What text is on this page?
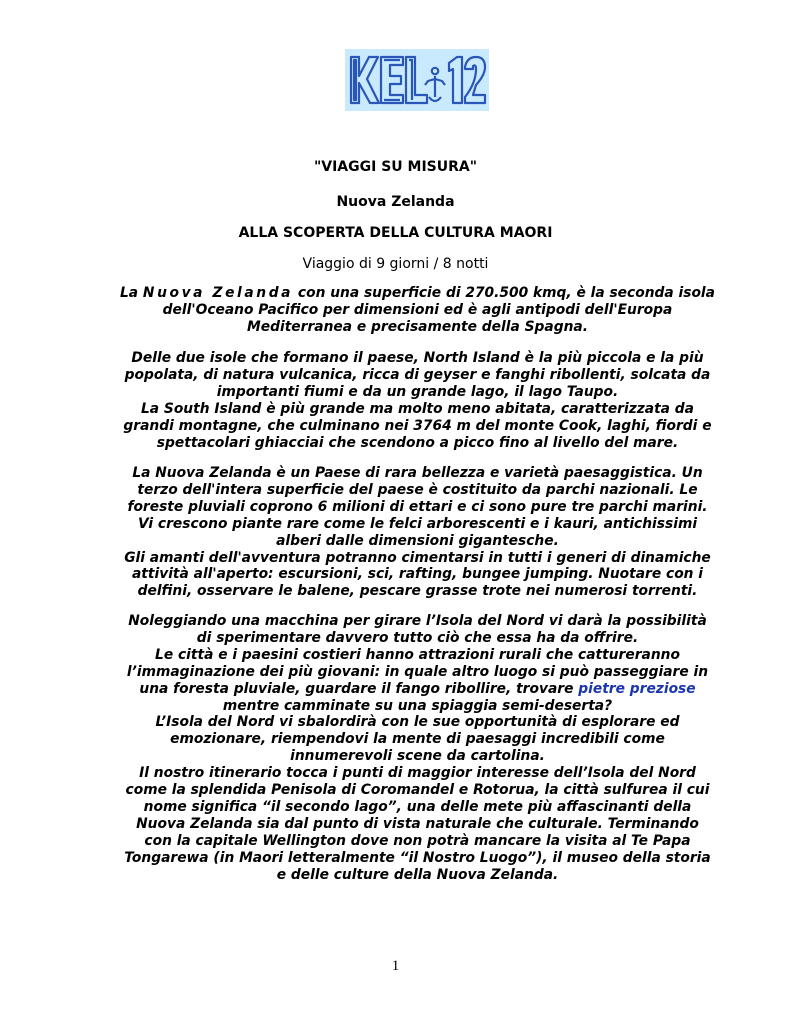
"VIAGGI SU MISURA"
Nuova Zelanda
ALLA SCOPERTA DELLA CULTURA MAORI
Viaggio di 9 giorni / 8 notti
La Nuova Zelanda con una superficie di 270.500 kmq, è la seconda isola
dell'Oceano Pacifico per dimensioni ed è agli antipodi dell'Europa
Mediterranea e precisamente della Spagna.
Delle due isole che formano il paese, North Island è la più piccola e la più
popolata, di natura vulcanica, ricca di geyser e fanghi ribollenti, solcata da
importanti fiumi e da un grande lago, il lago Taupo.
La South Island è più grande ma molto meno abitata, caratterizzata da
grandi montagne, che culminano nei 3764 m del monte Cook, laghi, fiordi e
spettacolari ghiacciai che scendono a picco fino al livello del mare.
La Nuova Zelanda è un Paese di rara bellezza e varietà paesaggistica. Un
terzo dell'intera superficie del paese è costituito da parchi nazionali. Le
foreste pluviali coprono 6 milioni di ettari e ci sono pure tre parchi marini.
Vi crescono piante rare come le felci arborescenti e i kauri, antichissimi
alberi dalle dimensioni gigantesche.
Gli amanti dell'avventura potranno cimentarsi in tutti i generi di dinamiche
attività all'aperto: escursioni, sci, rafting, bungee jumping. Nuotare con i
delfini, osservare le balene, pescare grasse trote nei numerosi torrenti.
Noleggiando una macchina per girare l’Isola del Nord vi darà la possibilità
di sperimentare davvero tutto ciò che essa ha da offrire.
Le città e i paesini costieri hanno attrazioni rurali che cattureranno
l’immaginazione dei più giovani: in quale altro luogo si può passeggiare in
una foresta pluviale, guardare il fango ribollire, trovare pietre preziose
mentre camminate su una spiaggia semi-deserta?
L’Isola del Nord vi sbalordirà con le sue opportunità di esplorare ed
emozionare, riempendovi la mente di paesaggi incredibili come
innumerevoli scene da cartolina.
Il nostro itinerario tocca i punti di maggior interesse dell’Isola del Nord
come la splendida Penisola di Coromandel e Rotorua, la città sulfurea il cui
nome significa “il secondo lago”, una delle mete più affascinanti della
Nuova Zelanda sia dal punto di vista naturale che culturale. Terminando
con la capitale Wellington dove non potrà mancare la visita al Te Papa
Tongarewa (in Maori letteralmente “il Nostro Luogo”), il museo della storia
e delle culture della Nuova Zelanda.
1
